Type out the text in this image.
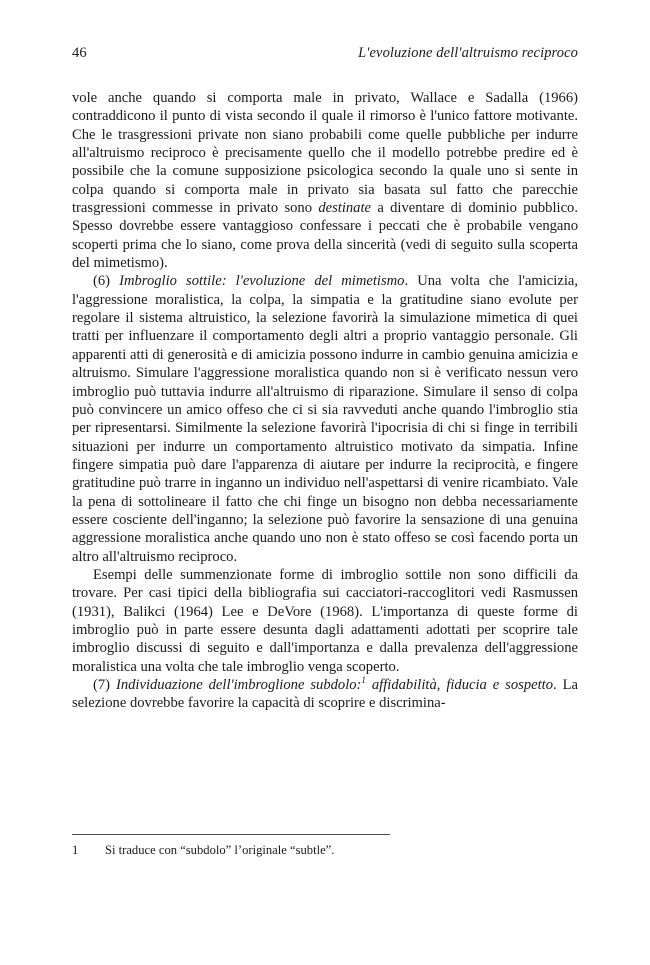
46	L'evoluzione dell'altruismo reciproco

vole anche quando si comporta male in privato, Wallace e Sadalla (1966) contraddicono il punto di vista secondo il quale il rimorso è l'unico fattore motivante. Che le trasgressioni private non siano probabili come quelle pubbliche per indurre all'altruismo reciproco è precisamente quello che il modello potrebbe predire ed è possibile che la comune supposizione psicologica secondo la quale uno si sente in colpa quando si comporta male in privato sia basata sul fatto che parecchie trasgressioni commesse in privato sono destinate a diventare di dominio pubblico. Spesso dovrebbe essere vantaggioso confessare i peccati che è probabile vengano scoperti prima che lo siano, come prova della sincerità (vedi di seguito sulla scoperta del mimetismo).

(6) Imbroglio sottile: l'evoluzione del mimetismo. Una volta che l'amicizia, l'aggressione moralistica, la colpa, la simpatia e la gratitudine siano evolute per regolare il sistema altruistico, la selezione favorirà la simulazione mimetica di quei tratti per influenzare il comportamento degli altri a proprio vantaggio personale. Gli apparenti atti di generosità e di amicizia possono indurre in cambio genuina amicizia e altruismo. Simulare l'aggressione moralistica quando non si è verificato nessun vero imbroglio può tuttavia indurre all'altruismo di riparazione. Simulare il senso di colpa può convincere un amico offeso che ci si sia ravveduti anche quando l'imbroglio stia per ripresentarsi. Similmente la selezione favorirà l'ipocrisia di chi si finge in terribili situazioni per indurre un comportamento altruistico motivato da simpatia. Infine fingere simpatia può dare l'apparenza di aiutare per indurre la reciprocità, e fingere gratitudine può trarre in inganno un individuo nell'aspettarsi di venire ricambiato. Vale la pena di sottolineare il fatto che chi finge un bisogno non debba necessariamente essere cosciente dell'inganno; la selezione può favorire la sensazione di una genuina aggressione moralistica anche quando uno non è stato offeso se così facendo porta un altro all'altruismo reciproco.

Esempi delle summenzionate forme di imbroglio sottile non sono difficili da trovare. Per casi tipici della bibliografia sui cacciatori-raccoglitori vedi Rasmussen (1931), Balikci (1964) Lee e DeVore (1968). L'importanza di queste forme di imbroglio può in parte essere desunta dagli adattamenti adottati per scoprire tale imbroglio discussi di seguito e dall'importanza e dalla prevalenza dell'aggressione moralistica una volta che tale imbroglio venga scoperto.

(7) Individuazione dell'imbroglione subdolo:$^1$ affidabilità, fiducia e sospetto. La selezione dovrebbe favorire la capacità di scoprire e discrimina-

1	Si traduce con “subdolo” l’originale “subtle”.
